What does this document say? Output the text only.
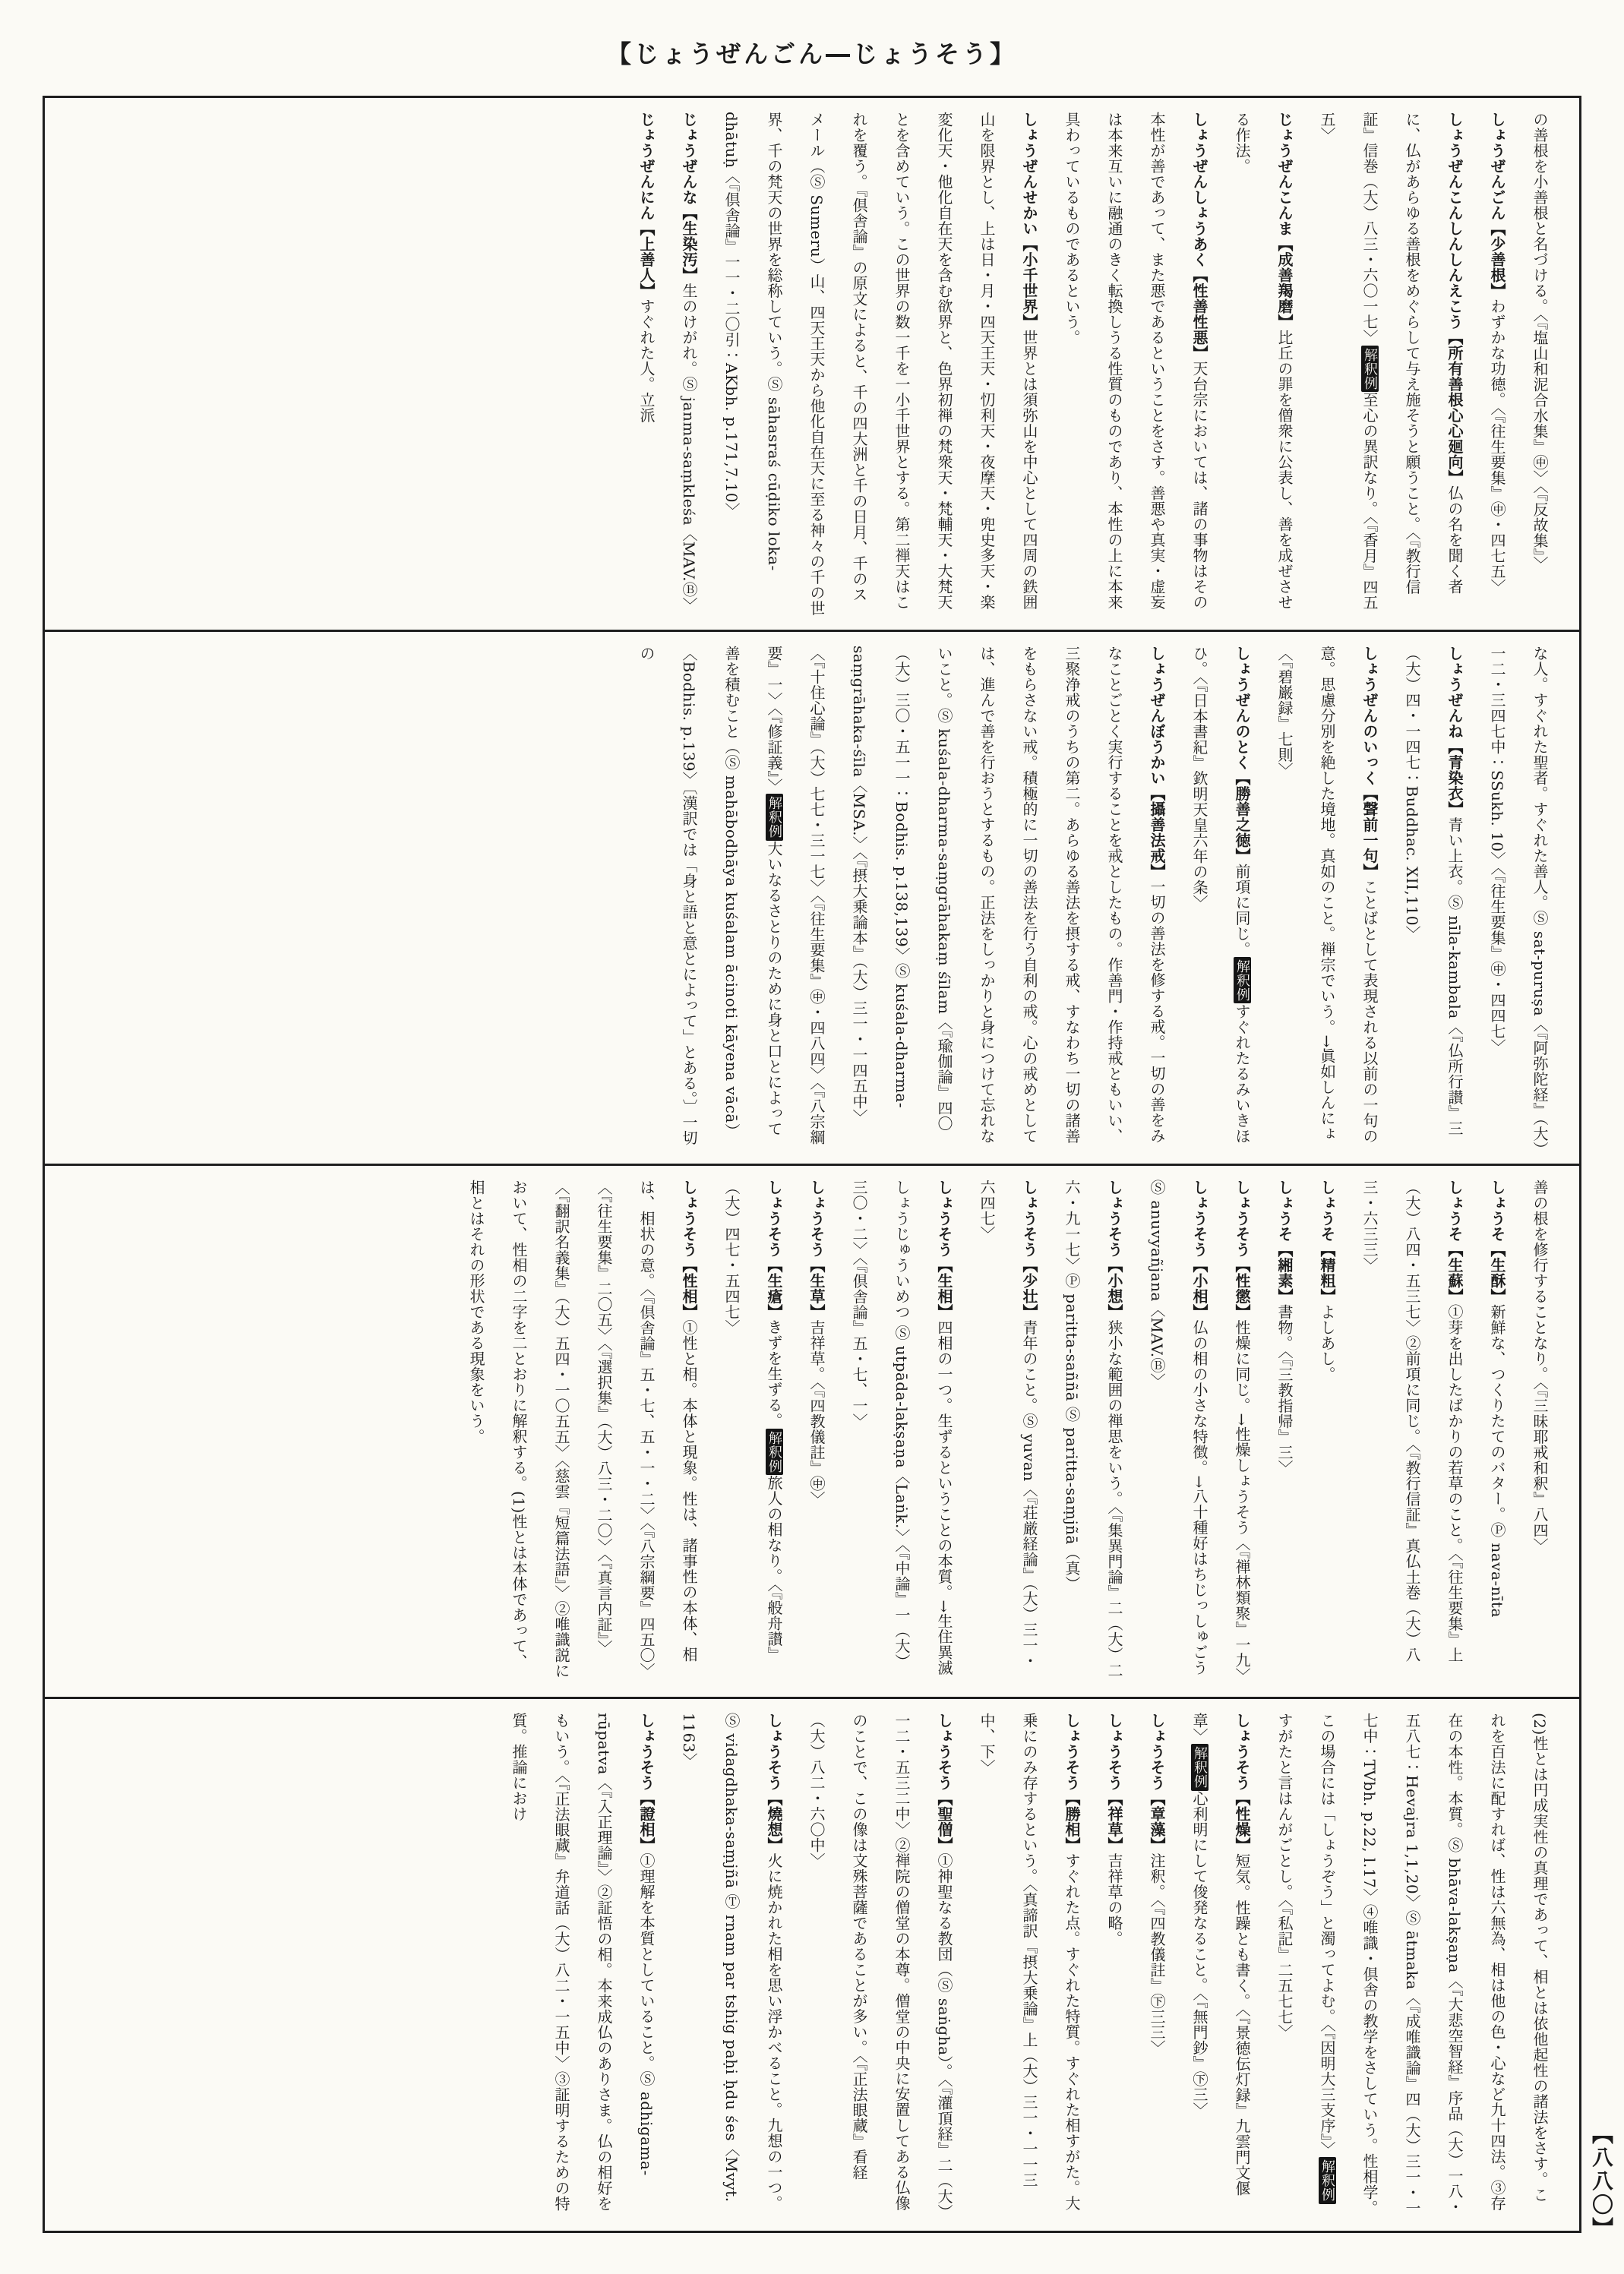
【じょうぜんごん―じょうそう】
【八八〇】
の善根を小善根と名づける。〈『塩山和泥合水集』㊥〉〈『反故集』〉
しょうぜんごん【少善根】わずかな功徳。〈『往生要集』㊥・四七五〉
しょうぜんこんしんしんえこう【所有善根心心廻向】仏の名を聞く者に、仏があらゆる善根をめぐらして与え施そうと願うこと。〈『教行信証』信巻（大）八三・六〇一七〉解釈例至心の異訳なり。〈『香月』四五五〉
じょうぜんこんま【成善羯磨】比丘の罪を僧衆に公表し、善を成ぜさせる作法。
しょうぜんしょうあく【性善性悪】天台宗においては、諸の事物はその本性が善であって、また悪であるということをさす。善悪や真実・虚妄は本来互いに融通のきく転換しうる性質のものであり、本性の上に本来具わっているものであるという。
しょうぜんせかい【小千世界】世界とは須弥山を中心として四周の鉄囲山を限界とし、上は日・月・四天王天・忉利天・夜摩天・兜史多天・楽変化天・他化自在天を含む欲界と、色界初禅の梵衆天・梵輔天・大梵天とを含めていう。この世界の数一千を一小千世界とする。第二禅天はこれを覆う。『倶舎論』の原文によると、千の四大洲と千の日月、千のスメール（Ⓢ Sumeru）山、四天王天から他化自在天に至る神々の千の世界、千の梵天の世界を総称していう。Ⓢ sāhasraś cūḍiko loka-dhātuḥ〈『倶舎論』一一・二〇引：AKbh. p.171,7.10〉
じょうぜんな【生染汚】生のけがれ。Ⓢ janma-saṃkleśa〈MAV.Ⓑ〉
じょうぜんにん【上善人】すぐれた人。立派
な人。すぐれた聖者。すぐれた善人。Ⓢ sat-puruṣa〈『阿弥陀経』（大）一二・三四七中：SSukh. 10〉〈『往生要集』㊥・四四七〉
しょうぜんね【青染衣】青い上衣。Ⓢ nīla-kambala〈『仏所行讃』三（大）四・一四七：Buddhac. XII,110〉
しょうぜんのいっく【聲前一句】ことばとして表現される以前の一句の意。思慮分別を絶した境地。真如のこと。禅宗でいう。→眞如しんにょ〈『碧巌録』七則〉
しょうぜんのとく【勝善之徳】前項に同じ。解釈例すぐれたるみいきほひ。〈『日本書紀』欽明天皇六年の条〉
しょうぜんぼうかい【攝善法戒】一切の善法を修する戒。一切の善をみなことごとく実行することを戒としたもの。作善門・作持戒ともいい、三聚浄戒のうちの第二。あらゆる善法を摂する戒、すなわち一切の諸善をもらさない戒。積極的に一切の善法を行う自利の戒。心の戒めとしては、進んで善を行おうとするもの。正法をしっかりと身につけて忘れないこと。Ⓢ kuśala-dharma-saṃgrāhakaṃ śīlam〈『瑜伽論』四〇（大）三〇・五一一：Bodhis. p.138,139〉Ⓢ kuśala-dharma-saṃgrāhaka-śīla〈MSA.〉〈『摂大乗論本』（大）三一・一四五中〉〈『十住心論』（大）七七・三一七〉〈『往生要集』㊥・四八四〉〈『八宗綱要』一〉〈『修証義』〉解釈例大いなるさとりのために身と口とによって善を積むこと（Ⓢ mahābodhāya kuśalam ācinoti kāyena vācā）〈Bodhis. p.139〉〔漢訳では「身と語と意とによって」とある。〕一切の
善の根を修行することなり。〈『三昧耶戒和釈』八四〉
しょうそ【生酥】新鮮な、つくりたてのバター。Ⓟ nava-nīta
しょうそ【生蘇】①芽を出したばかりの若草のこと。〈『往生要集』上（大）八四・五三七〉②前項に同じ。〈『教行信証』真仏土巻（大）八三・六三三〉
しょうそ【精粗】よしあし。
しょうそ【緗素】書物。〈『三教指帰』三〉
しょうそう【性懲】性燥に同じ。→性燥しょうそう〈『禅林類聚』一九〉
しょうそう【小相】仏の相の小さな特徴。→八十種好はちじっしゅごう Ⓢ anuvyañjana〈MAV.Ⓑ〉
しょうそう【小想】狭小な範囲の禅思をいう。〈『集異門論』二（大）二六・九一七〉Ⓟ paritta-saññā Ⓢ paritta-saṃjñā（真）
しょうそう【少壮】青年のこと。Ⓢ yuvan〈『荘厳経論』（大）三一・六四七〉
しょうそう【生相】四相の一つ。生ずるということの本質。→生住異滅しょうじゅういめつ Ⓢ utpāda-lakṣaṇa〈Laṅk.〉〈『中論』一（大）三〇・二〉〈『倶舎論』五・七、一〉
しょうそう【生草】吉祥草。〈『四教儀註』㊥〉
しょうそう【生瘡】きずを生ずる。解釈例旅人の相なり。〈『般舟讃』（大）四七・五四七〉
しょうそう【性相】①性と相。本体と現象。性は、諸事性の本体、相は、相状の意。〈『倶舎論』五・七、五・一・二〉〈『八宗綱要』四五〇〉〈『往生要集』二〇五〉〈『選択集』（大）八三・二〇〉〈『真言内証』〉〈『翻訳名義集』（大）五四・一〇五五〉〈慈雲『短篇法語』〉②唯識説において、性相の二字を二とおりに解釈する。(1)性とは本体であって、相とはそれの形状である現象をいう。
(2)性とは円成実性の真理であって、相とは依他起性の諸法をさす。これを百法に配すれば、性は六無為、相は他の色・心など九十四法。③存在の本性。本質。Ⓢ bhāva-lakṣaṇa〈『大悲空智経』序品（大）一八・五八七：Hevajra 1,1,20〉Ⓢ ātmaka〈『成唯識論』四（大）三一・一七中：TVbh. p.22, l.17〉④唯識・倶舎の教学をさしていう。性相学。この場合には「しょうぞう」と濁ってよむ。〈『因明大三支序』〉解釈例すがたと言はんがごとし。〈『私記』二五七七〉
しょうそう【性燥】短気。性躁とも書く。〈『景徳伝灯録』九雲門文偃章〉解釈例心利明にして俊発なること。〈『無門鈔』㊦三〉
しょうそう【章藻】注釈。〈『四教儀註』㊦三三〉
しょうそう【祥草】吉祥草の略。
しょうそう【勝相】すぐれた点。すぐれた特質。すぐれた相すがた。大乗にのみ存するという。〈真諦訳『摂大乗論』上（大）三一・一一三中、下〉
しょうそう【聖僧】①神聖なる教団（Ⓢ saṅgha）。〈『灌頂経』二（大）一二・五三二中〉②禅院の僧堂の本尊。僧堂の中央に安置してある仏像のことで、この像は文殊菩薩であることが多い。〈『正法眼蔵』看経（大）八二・六〇中〉
しょうそう【燒想】火に焼かれた相を思い浮かべること。九想の一つ。Ⓢ vidagdhaka-saṃjñā Ⓣ rnam par tshig paḥi ḥdu śes〈Mvyt. 1163〉
しょうそう【證相】①理解を本質としていること。Ⓢ adhigama-rūpatva〈『入正理論』〉②証悟の相。本来成仏のありさま。仏の相好をもいう。〈『正法眼蔵』弁道話（大）八二・一五中〉③証明するための特質。推論におけ
